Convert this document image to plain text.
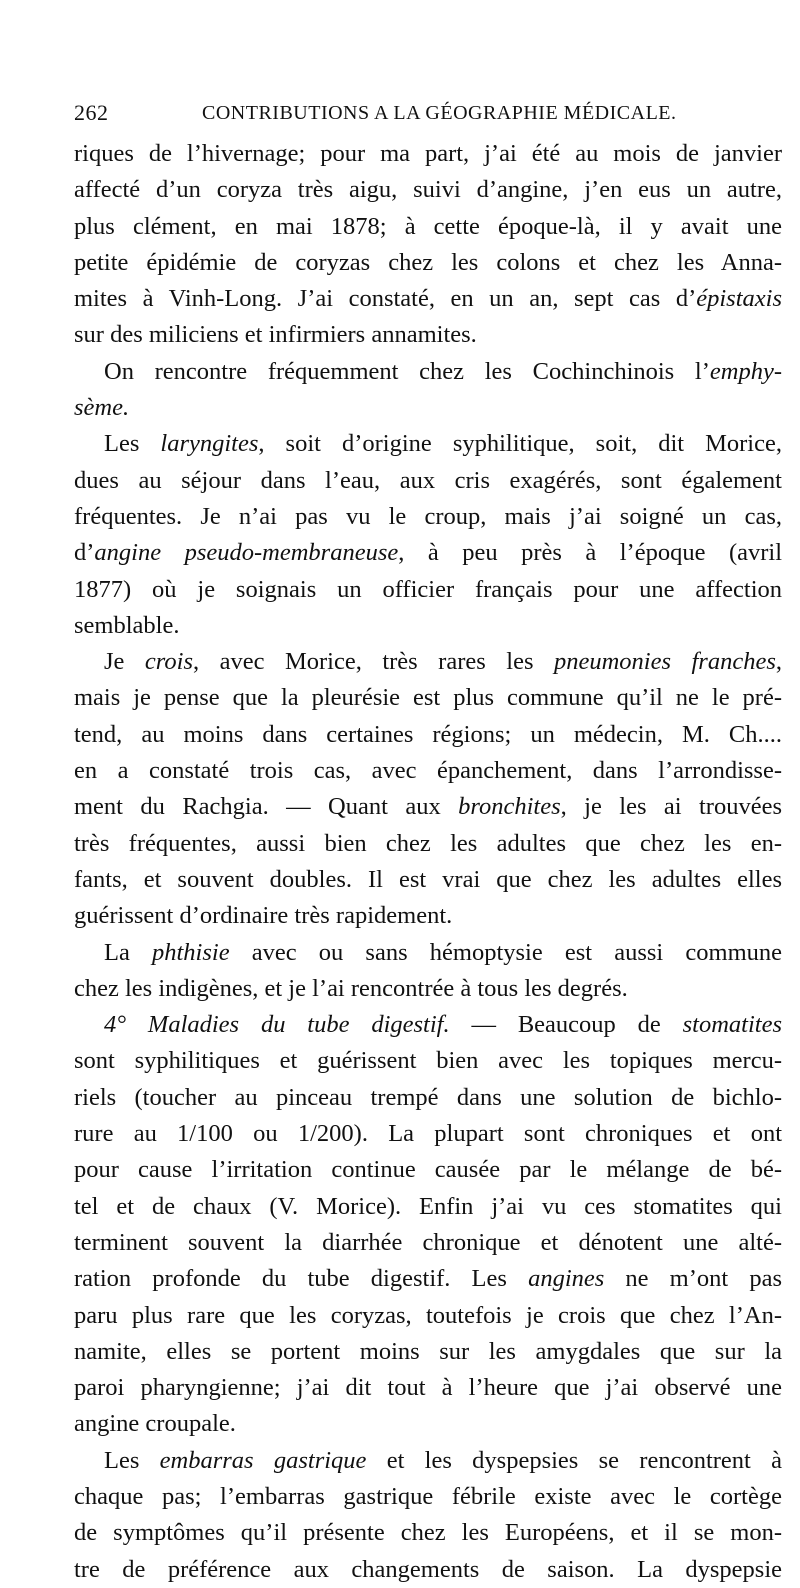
262	CONTRIBUTIONS A LA GÉOGRAPHIE MÉDICALE.
riques de l’hivernage; pour ma part, j’ai été au mois de janvier
affecté d’un coryza très aigu, suivi d’angine, j’en eus un autre,
plus clément, en mai 1878; à cette époque-là, il y avait une
petite épidémie de coryzas chez les colons et chez les Anna-
mites à Vinh-Long. J’ai constaté, en un an, sept cas d’épistaxis
sur des miliciens et infirmiers annamites.
On rencontre fréquemment chez les Cochinchinois l’emphy-
sème.
Les laryngites, soit d’origine syphilitique, soit, dit Morice,
dues au séjour dans l’eau, aux cris exagérés, sont également
fréquentes. Je n’ai pas vu le croup, mais j’ai soigné un cas,
d’angine pseudo-membraneuse, à peu près à l’époque (avril
1877) où je soignais un officier français pour une affection
semblable.
Je crois, avec Morice, très rares les pneumonies franches,
mais je pense que la pleurésie est plus commune qu’il ne le pré-
tend, au moins dans certaines régions; un médecin, M. Ch....
en a constaté trois cas, avec épanchement, dans l’arrondisse-
ment du Rachgia. — Quant aux bronchites, je les ai trouvées
très fréquentes, aussi bien chez les adultes que chez les en-
fants, et souvent doubles. Il est vrai que chez les adultes elles
guérissent d’ordinaire très rapidement.
La phthisie avec ou sans hémoptysie est aussi commune
chez les indigènes, et je l’ai rencontrée à tous les degrés.
4° Maladies du tube digestif. — Beaucoup de stomatites
sont syphilitiques et guérissent bien avec les topiques mercu-
riels (toucher au pinceau trempé dans une solution de bichlo-
rure au 1/100 ou 1/200). La plupart sont chroniques et ont
pour cause l’irritation continue causée par le mélange de bé-
tel et de chaux (V. Morice). Enfin j’ai vu ces stomatites qui
terminent souvent la diarrhée chronique et dénotent une alté-
ration profonde du tube digestif. Les angines ne m’ont pas
paru plus rare que les coryzas, toutefois je crois que chez l’An-
namite, elles se portent moins sur les amygdales que sur la
paroi pharyngienne; j’ai dit tout à l’heure que j’ai observé une
angine croupale.
Les embarras gastrique et les dyspepsies se rencontrent à
chaque pas; l’embarras gastrique fébrile existe avec le cortège
de symptômes qu’il présente chez les Européens, et il se mon-
tre de préférence aux changements de saison. La dyspepsie
